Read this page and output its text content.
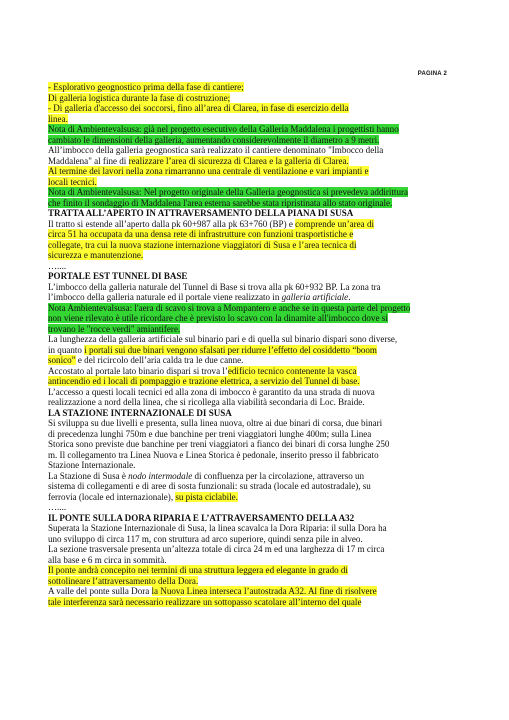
PAGINA 2
- Esplorativo geognostico prima della fase di cantiere;
Di galleria logistica durante la fase di costruzione;
- Di galleria d'accesso dei soccorsi, fino all’area di Clarea, in fase di esercizio della
linea.
Nota di Ambientevalsusa: già nel progetto esecutivo della Galleria Maddalena i progettisti hanno
cambiato le dimensioni della galleria, aumentando considerevolmente il diametro a 9 metri.
All’imbocco della galleria geognostica sarà realizzato il cantiere denominato "Imbocco della
Maddalena" al fine di realizzare l’area di sicurezza di Clarea e la galleria di Clarea.
Al termine dei lavori nella zona rimarranno una centrale di ventilazione e vari impianti e
locali tecnici.
Nota di Ambientevalsusa: Nel progetto originale della Galleria geognostica si prevedeva addirittura
che finito il sondaggio di Maddalena l'area esterna sarebbe stata ripristinata allo stato originale.
TRATTA ALL’APERTO IN ATTRAVERSAMENTO DELLA PIANA DI SUSA
Il tratto si estende all’aperto dalla pk 60+987 alla pk 63+760 (BP) e comprende un’area di
circa 51 ha occupata da una densa rete di infrastrutture con funzioni trasportistiche e
collegate, tra cui la nuova stazione internazione viaggiatori di Susa e l’area tecnica di
sicurezza e manutenzione.
…....
PORTALE EST TUNNEL DI BASE
L’imbocco della galleria naturale del Tunnel di Base si trova alla pk 60+932 BP. La zona tra
l’imbocco della galleria naturale ed il portale viene realizzato in galleria artificiale.
Nota Ambientevalsusa: l'aera di scavo si trova a Mompantero e anche se in questa parte del progetto
non viene rilevato è utile ricordare che è previsto lo scavo con la dinamite all'imbocco dove si
trovano le "rocce verdi" amiantifere.
La lunghezza della galleria artificiale sul binario pari e di quella sul binario dispari sono diverse,
in quanto i portali sui due binari vengono sfalsati per ridurre l’effetto del cosiddetto “boom
sonico” e del ricircolo dell’aria calda tra le due canne.
Accostato al portale lato binario dispari si trova l’edificio tecnico contenente la vasca
antincendio ed i locali di pompaggio e trazione elettrica, a servizio del Tunnel di base.
L’accesso a questi locali tecnici ed alla zona di imbocco è garantito da una strada di nuova
realizzazione a nord della linea, che si ricollega alla viabilità secondaria di Loc. Braide.
LA STAZIONE INTERNAZIONALE DI SUSA
Si sviluppa su due livelli e presenta, sulla linea nuova, oltre ai due binari di corsa, due binari
di precedenza lunghi 750m e due banchine per treni viaggiatori lunghe 400m; sulla Linea
Storica sono previste due banchine per treni viaggiatori a fianco dei binari di corsa lunghe 250
m. Il collegamento tra Linea Nuova e Linea Storica è pedonale, inserito presso il fabbricato
Stazione Internazionale.
La Stazione di Susa è nodo intermodale di confluenza per la circolazione, attraverso un
sistema di collegamenti e di aree di sosta funzionali: su strada (locale ed autostradale), su
ferrovia (locale ed internazionale), su pista ciclabile.
…....
IL PONTE SULLA DORA RIPARIA E L’ATTRAVERSAMENTO DELLA A32
Superata la Stazione Internazionale di Susa, la linea scavalca la Dora Riparia: il sulla Dora ha
uno sviluppo di circa 117 m, con struttura ad arco superiore, quindi senza pile in alveo.
La sezione trasversale presenta un’altezza totale di circa 24 m ed una larghezza di 17 m circa
alla base e 6 m circa in sommità.
Il ponte andrà concepito nei termini di una struttura leggera ed elegante in grado di
sottolineare l’attraversamento della Dora.
A valle del ponte sulla Dora la Nuova Linea interseca l’autostrada A32. Al fine di risolvere
tale interferenza sarà necessario realizzare un sottopasso scatolare all’interno del quale
